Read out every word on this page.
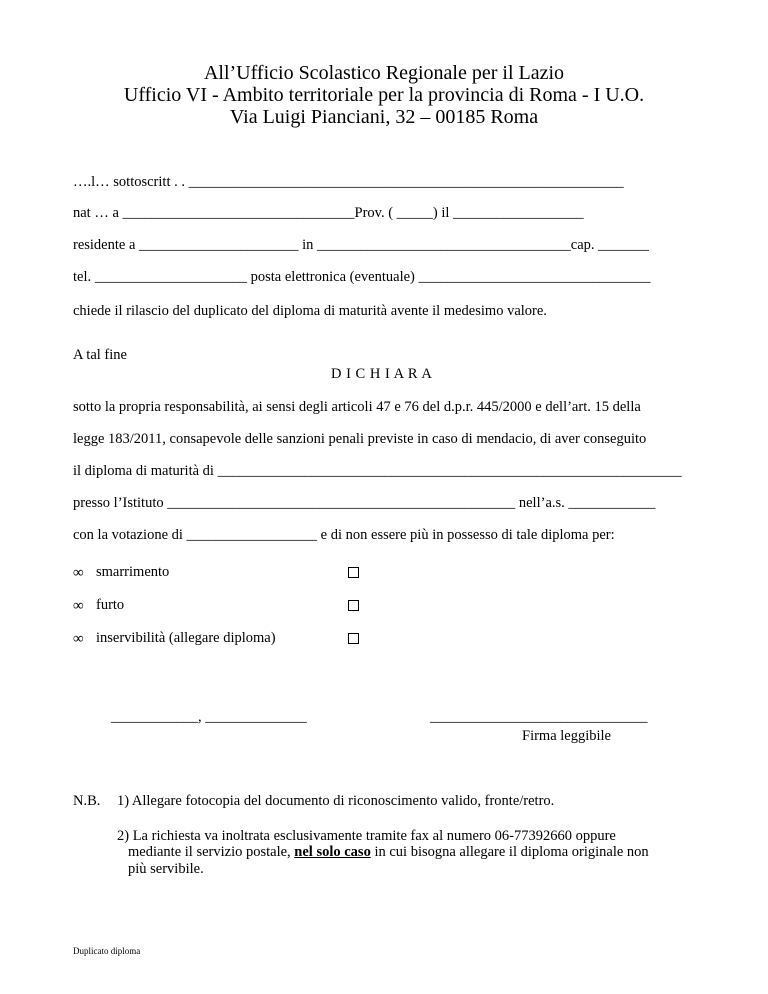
All’Ufficio Scolastico Regionale per il Lazio
Ufficio VI - Ambito territoriale per la provincia di Roma - I U.O.
Via Luigi Pianciani, 32 – 00185 Roma
….l… sottoscritt . . ____________________________________________________________
nat … a ________________________________Prov. ( _____) il __________________
residente a ______________________ in ___________________________________cap. _______
tel. _____________________ posta elettronica (eventuale) ________________________________
chiede il rilascio del duplicato del diploma di maturità avente il medesimo valore.
A tal fine
D I C H I A R A
sotto la propria responsabilità, ai sensi degli articoli 47 e 76 del d.p.r. 445/2000 e dell’art. 15 della
legge 183/2011, consapevole delle sanzioni penali previste in caso di mendacio, di aver conseguito
il diploma di maturità di ________________________________________________________________
presso l’Istituto ________________________________________________ nell’a.s. ____________
con la votazione di __________________ e di non essere più in possesso di tale diploma per:
∞ smarrimento
∞ furto
∞ inservibilità (allegare diploma)
____________, ______________	______________________________
Firma leggibile
N.B. 1) Allegare fotocopia del documento di riconoscimento valido, fronte/retro.
2) La richiesta va inoltrata esclusivamente tramite fax al numero 06-77392660 oppure
mediante il servizio postale, nel solo caso in cui bisogna allegare il diploma originale non
più servibile.
Duplicato diploma
